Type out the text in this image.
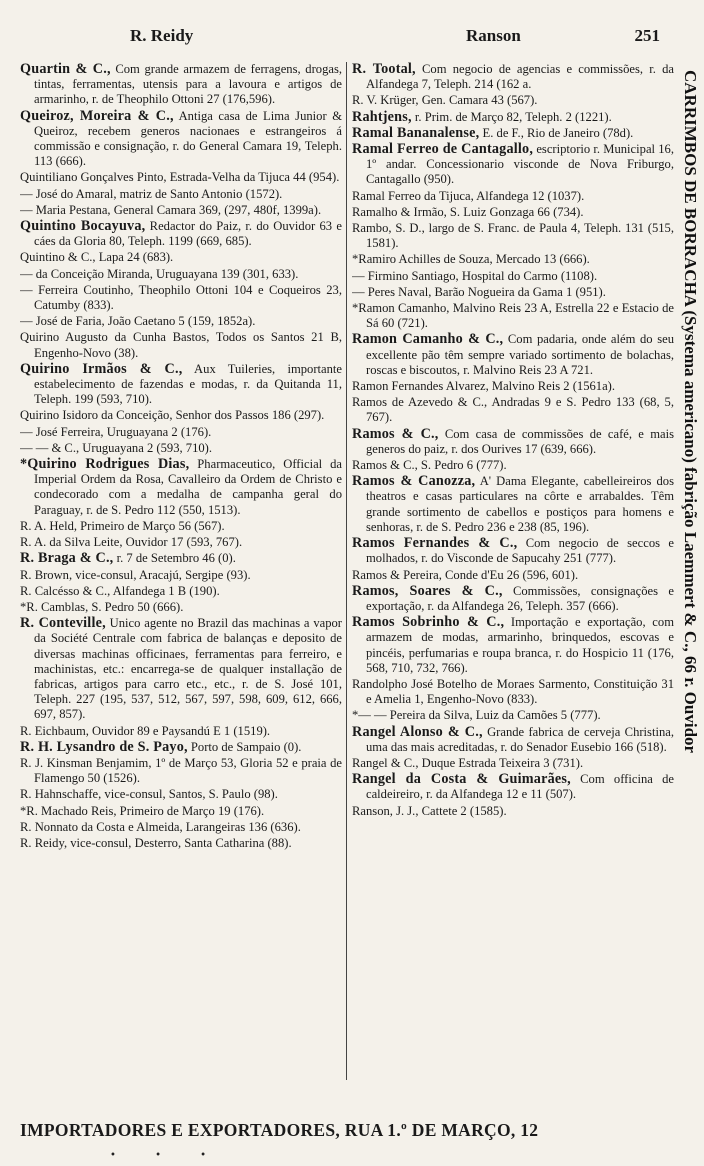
R. Reidy	Ranson	251

Quartin & C., Com grande armazem de ferragens, drogas, tintas, ferramentas, utensis para a lavoura e artigos de armarinho, r. de Theophilo Ottoni 27 (176,596).

Queiroz, Moreira & C., Antiga casa de Lima Junior & Queiroz, recebem generos nacionaes e estrangeiros á commissão e consignação, r. do General Camara 19, Teleph. 113 (666).

Quintiliano Gonçalves Pinto, Estrada-Velha da Tijuca 44 (954).

— José do Amaral, matriz de Santo Antonio (1572).

— Maria Pestana, General Camara 369, (297, 480f, 1399a).

Quintino Bocayuva, Redactor do Paiz, r. do Ouvidor 63 e cáes da Gloria 80, Teleph. 1199 (669, 685).

Quintino & C., Lapa 24 (683).

— da Conceição Miranda, Uruguayana 139 (301, 633).

— Ferreira Coutinho, Theophilo Ottoni 104 e Coqueiros 23, Catumby (833).

— José de Faria, João Caetano 5 (159, 1852a).

Quirino Augusto da Cunha Bastos, Todos os Santos 21 B, Engenho-Novo (38).

Quirino Irmãos & C., Aux Tuileries, importante estabelecimento de fazendas e modas, r. da Quitanda 11, Teleph. 199 (593, 710).

Quirino Isidoro da Conceição, Senhor dos Passos 186 (297).

— José Ferreira, Uruguayana 2 (176).

— — & C., Uruguayana 2 (593, 710).

*Quirino Rodrigues Dias, Pharmaceutico, Official da Imperial Ordem da Rosa, Cavalleiro da Ordem de Christo e condecorado com a medalha de campanha geral do Paraguay, r. de S. Pedro 112 (550, 1513).

R. A. Held, Primeiro de Março 56 (567).

R. A. da Silva Leite, Ouvidor 17 (593, 767).

R. Braga & C., r. 7 de Setembro 46 (0).

R. Brown, vice-consul, Aracajú, Sergipe (93).

R. Calcésso & C., Alfandega 1 B (190).

*R. Camblas, S. Pedro 50 (666).

R. Conteville, Unico agente no Brazil das machinas a vapor da Société Centrale com fabrica de balanças e deposito de diversas machinas officinaes, ferramentas para ferreiro, e machinistas, etc.: encarrega-se de qualquer installação de fabricas, artigos para carro etc., etc., r. de S. José 101, Teleph. 227 (195, 537, 512, 567, 597, 598, 609, 612, 666, 697, 857).

R. Eichbaum, Ouvidor 89 e Paysandú E 1 (1519).

R. H. Lysandro de S. Payo, Porto de Sampaio (0).

R. J. Kinsman Benjamim, 1º de Março 53, Gloria 52 e praia de Flamengo 50 (1526).

R. Hahnschaffe, vice-consul, Santos, S. Paulo (98).

*R. Machado Reis, Primeiro de Março 19 (176).

R. Nonnato da Costa e Almeida, Larangeiras 136 (636).

R. Reidy, vice-consul, Desterro, Santa Catharina (88).

R. Tootal, Com negocio de agencias e commissões, r. da Alfandega 7, Teleph. 214 (162 a.

R. V. Krüger, Gen. Camara 43 (567).

Rahtjens, r. Prim. de Março 82, Teleph. 2 (1221).

Ramal Bananalense, E. de F., Rio de Janeiro (78d).

Ramal Ferreo de Cantagallo, escriptorio r. Municipal 16, 1º andar. Concessionario visconde de Nova Friburgo, Cantagallo (950).

Ramal Ferreo da Tijuca, Alfandega 12 (1037).

Ramalho & Irmão, S. Luiz Gonzaga 66 (734).

Rambo, S. D., largo de S. Franc. de Paula 4, Teleph. 131 (515, 1581).

*Ramiro Achilles de Souza, Mercado 13 (666).

— Firmino Santiago, Hospital do Carmo (1108).

— Peres Naval, Barão Nogueira da Gama 1 (951).

*Ramon Camanho, Malvino Reis 23 A, Estrella 22 e Estacio de Sá 60 (721).

Ramon Camanho & C., Com padaria, onde além do seu excellente pão têm sempre variado sortimento de bolachas, roscas e biscoutos, r. Malvino Reis 23 A 721.

Ramon Fernandes Alvarez, Malvino Reis 2 (1561a).

Ramos de Azevedo & C., Andradas 9 e S. Pedro 133 (68, 5, 767).

Ramos & C., Com casa de commissões de café, e mais generos do paiz, r. dos Ourives 17 (639, 666).

Ramos & C., S. Pedro 6 (777).

Ramos & Canozza, A' Dama Elegante, cabelleireiros dos theatros e casas particulares na côrte e arrabaldes. Têm grande sortimento de cabellos e postiços para homens e senhoras, r. de S. Pedro 236 e 238 (85, 196).

Ramos Fernandes & C., Com negocio de seccos e molhados, r. do Visconde de Sapucahy 251 (777).

Ramos & Pereira, Conde d'Eu 26 (596, 601).

Ramos, Soares & C., Commissões, consignações e exportação, r. da Alfandega 26, Teleph. 357 (666).

Ramos Sobrinho & C., Importação e exportação, com armazem de modas, armarinho, brinquedos, escovas e pincéis, perfumarias e roupa branca, r. do Hospicio 11 (176, 568, 710, 732, 766).

Randolpho José Botelho de Moraes Sarmento, Constituição 31 e Amelia 1, Engenho-Novo (833).

*— — Pereira da Silva, Luiz da Camões 5 (777).

Rangel Alonso & C., Grande fabrica de cerveja Christina, uma das mais acreditadas, r. do Senador Eusebio 166 (518).

Rangel & C., Duque Estrada Teixeira 3 (731).

Rangel da Costa & Guimarães, Com officina de caldeireiro, r. da Alfandega 12 e 11 (507).

Ranson, J. J., Cattete 2 (1585).

CARRIMBOS DE BORRACHA (Systema americano) fabrição Laemmert & C., 66 r. Ouvidor
IMPORTADORES E EXPORTADORES, RUA 1.º DE MARÇO, 12
• • •
